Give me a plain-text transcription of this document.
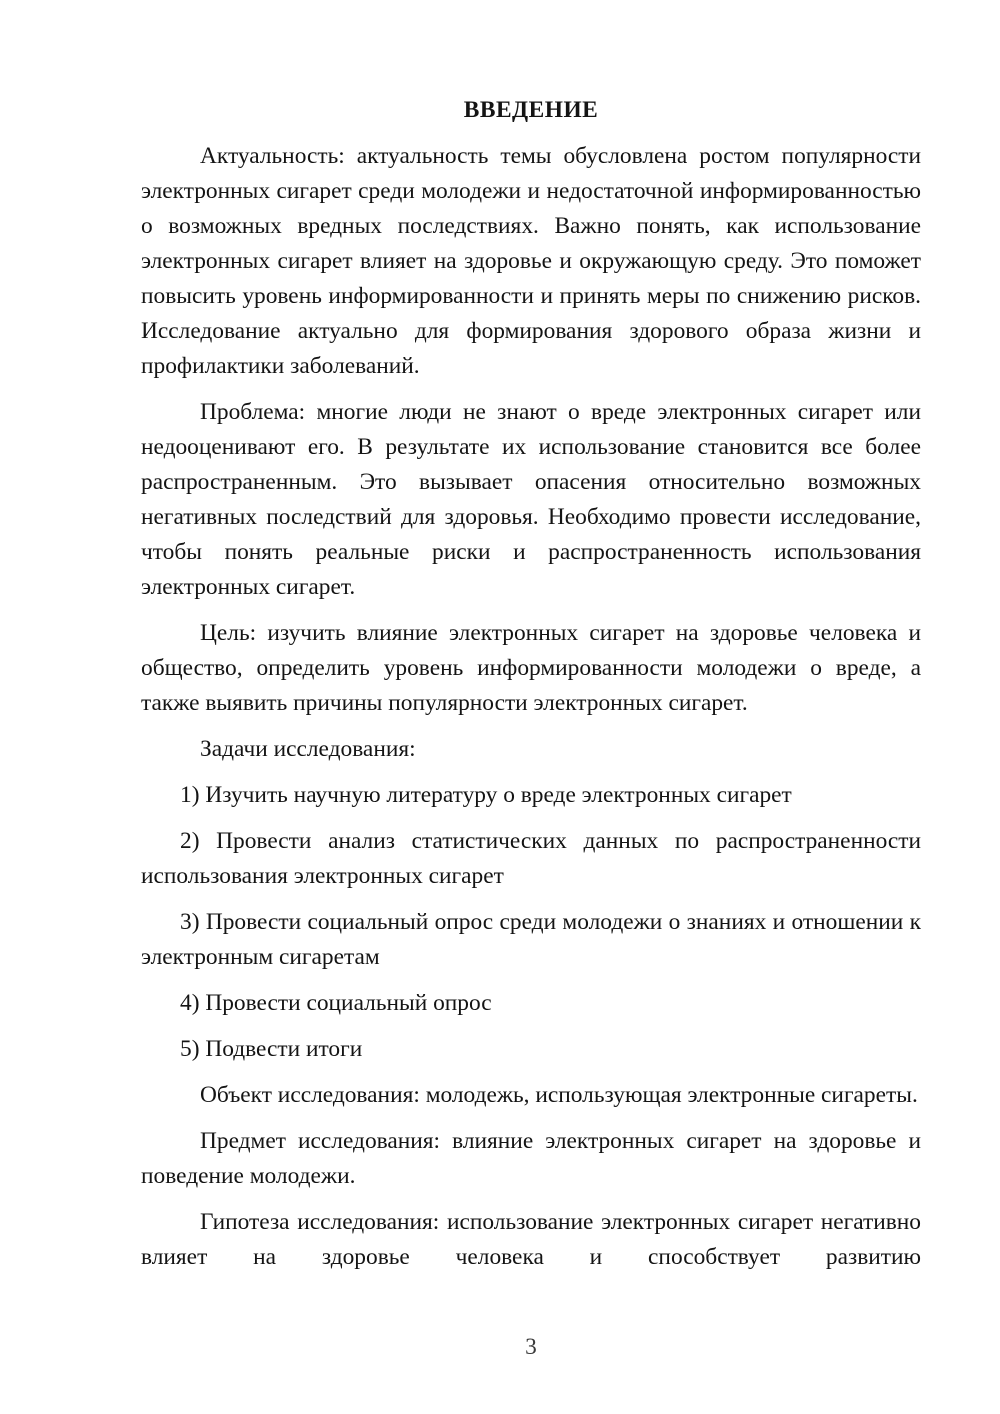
ВВЕДЕНИЕ

Актуальность: актуальность темы обусловлена ростом популярности электронных сигарет среди молодежи и недостаточной информированностью о возможных вредных последствиях. Важно понять, как использование электронных сигарет влияет на здоровье и окружающую среду. Это поможет повысить уровень информированности и принять меры по снижению рисков. Исследование актуально для формирования здорового образа жизни и профилактики заболеваний.

Проблема: многие люди не знают о вреде электронных сигарет или недооценивают его. В результате их использование становится все более распространенным. Это вызывает опасения относительно возможных негативных последствий для здоровья. Необходимо провести исследование, чтобы понять реальные риски и распространенность использования электронных сигарет.

Цель: изучить влияние электронных сигарет на здоровье человека и общество, определить уровень информированности молодежи о вреде, а также выявить причины популярности электронных сигарет.

Задачи исследования:

1) Изучить научную литературу о вреде электронных сигарет

2) Провести анализ статистических данных по распространенности использования электронных сигарет

3) Провести социальный опрос среди молодежи о знаниях и отношении к электронным сигаретам

4) Провести социальный опрос

5) Подвести итоги

Объект исследования: молодежь, использующая электронные сигареты.

Предмет исследования: влияние электронных сигарет на здоровье и поведение молодежи.

Гипотеза исследования: использование электронных сигарет негативно влияет на здоровье человека и способствует развитию

3
